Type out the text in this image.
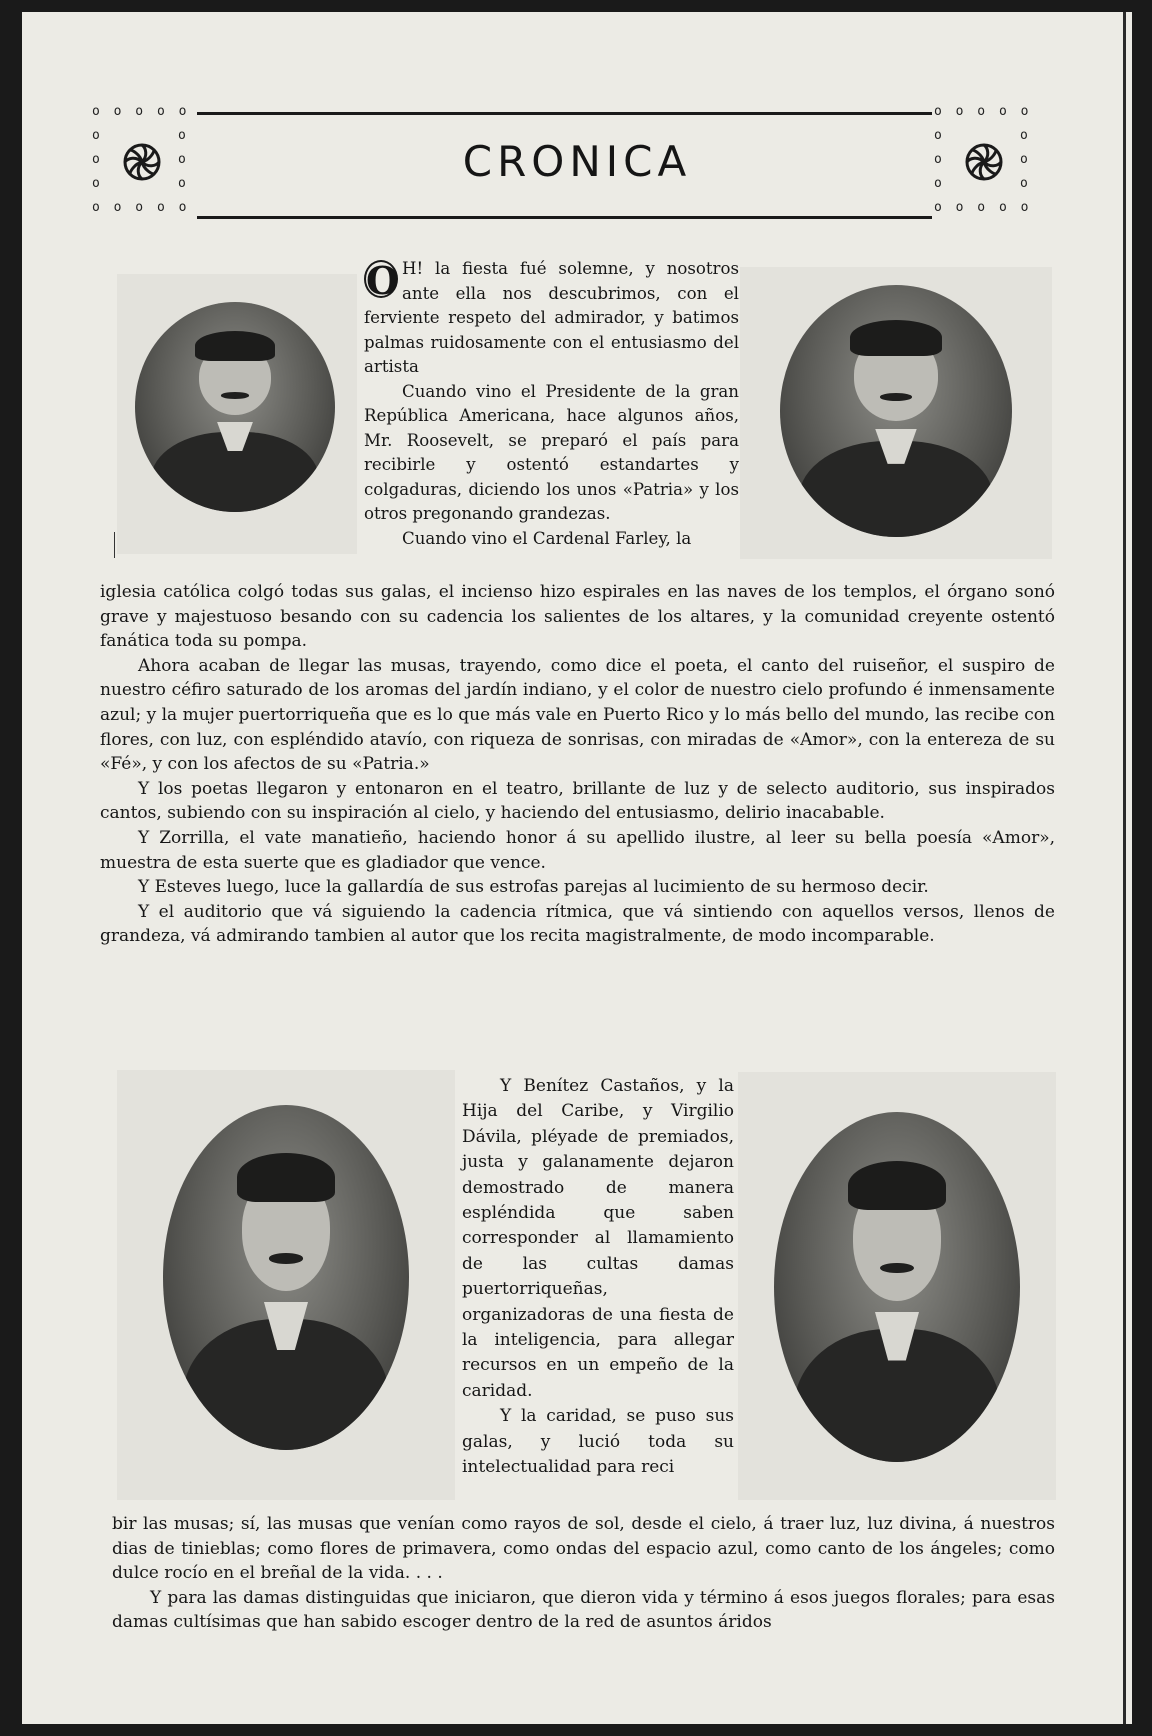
o o o o o
o
o
o
o
o
o
o o o o o
o o o o o
o
o
o
o
o
o
o o o o o
CRONICA

O H! la fiesta fué solemne, y nosotros ante ella nos descubrimos, con el ferviente respeto del admirador, y batimos palmas ruidosamente con el entusiasmo del artista

Cuando vino el Presidente de la gran República Americana, hace algunos años, Mr. Roosevelt, se preparó el país para recibirle y ostentó estandartes y colgaduras, diciendo los unos «Patria» y los otros pregonando grandezas.

Cuando vino el Cardenal Farley, la

iglesia católica colgó todas sus galas, el incienso hizo espirales en las naves de los templos, el órgano sonó grave y majestuoso besando con su cadencia los salientes de los altares, y la comunidad creyente ostentó fanática toda su pompa.

Ahora acaban de llegar las musas, trayendo, como dice el poeta, el canto del ruiseñor, el suspiro de nuestro céfiro saturado de los aromas del jardín indiano, y el color de nuestro cielo profundo é inmensamente azul; y la mujer puertorriqueña que es lo que más vale en Puerto Rico y lo más bello del mundo, las recibe con flores, con luz, con espléndido atavío, con riqueza de sonrisas, con miradas de «Amor», con la entereza de su «Fé», y con los afectos de su «Patria.»

Y los poetas llegaron y entonaron en el teatro, brillante de luz y de selecto auditorio, sus inspirados cantos, subiendo con su inspiración al cielo, y haciendo del entusiasmo, delirio inacabable.

Y Zorrilla, el vate manatieño, haciendo honor á su apellido ilustre, al leer su bella poesía «Amor», muestra de esta suerte que es gladiador que vence.

Y Esteves luego, luce la gallardía de sus estrofas parejas al lucimiento de su hermoso decir.

Y el auditorio que vá siguiendo la cadencia rítmica, que vá sintiendo con aquellos versos, llenos de grandeza, vá admirando tambien al autor que los recita magistralmente, de modo incomparable.

Y Benítez Castaños, y la Hija del Caribe, y Virgilio Dávila, pléyade de premiados, justa y galanamente dejaron demostrado de manera espléndida que saben corresponder al llamamiento de las cultas damas puertorriqueñas, organizadoras de una fiesta de la inteligencia, para allegar recursos en un empeño de la caridad.

Y la caridad, se puso sus galas, y lució toda su intelectualidad para reci

bir las musas; sí, las musas que venían como rayos de sol, desde el cielo, á traer luz, luz divina, á nuestros dias de tinieblas; como flores de primavera, como ondas del espacio azul, como canto de los ángeles; como dulce rocío en el breñal de la vida. . . .

Y para las damas distinguidas que iniciaron, que dieron vida y término á esos juegos florales; para esas damas cultísimas que han sabido escoger dentro de la red de asuntos áridos
